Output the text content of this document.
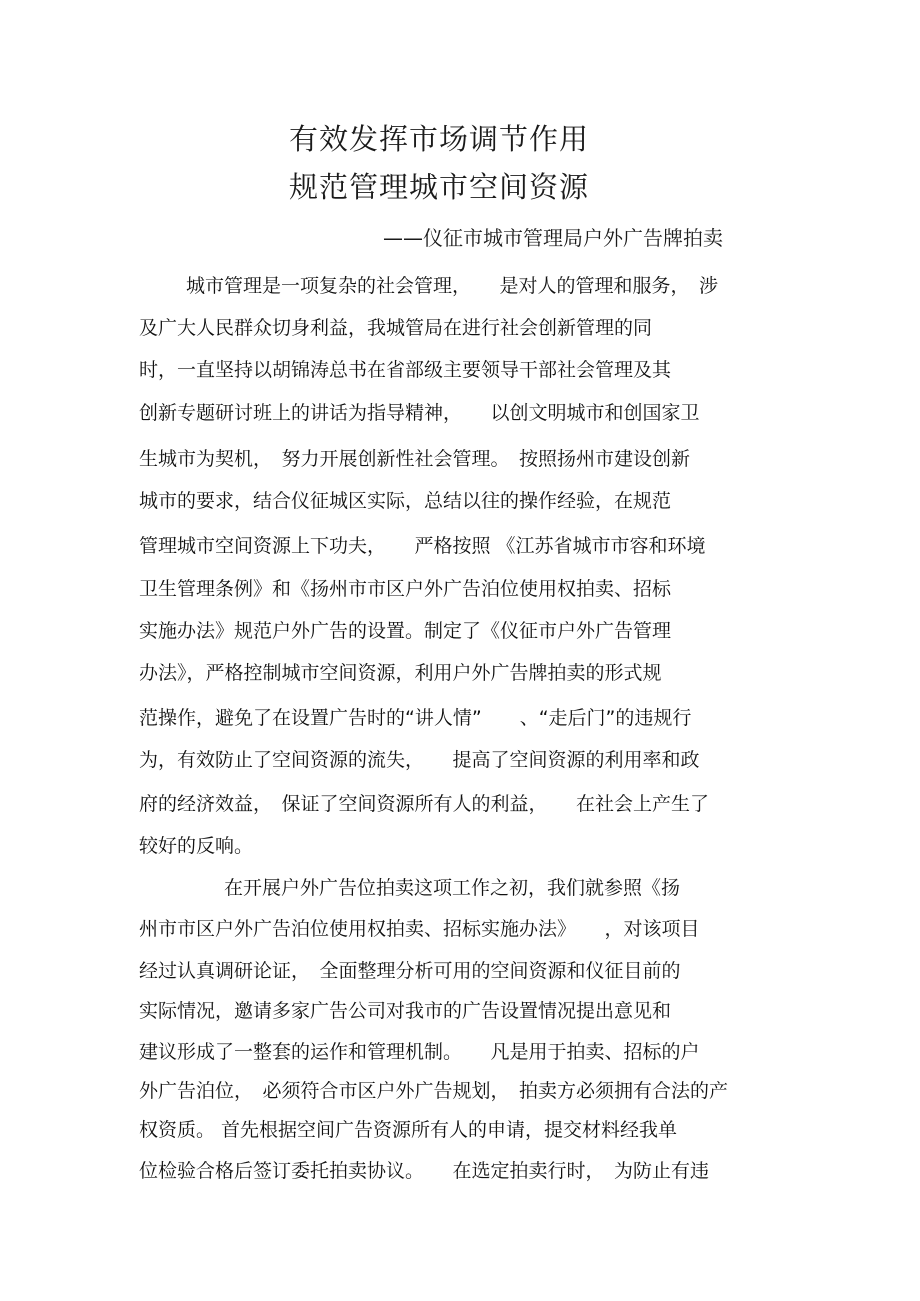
有效发挥市场调节作用
规范管理城市空间资源
——仪征市城市管理局户外广告牌拍卖
城市管理是一项复杂的社会管理，　　是对人的管理和服务，　涉
及广大人民群众切身利益，我城管局在进行社会创新管理的同
时，一直坚持以胡锦涛总书在省部级主要领导干部社会管理及其
创新专题研讨班上的讲话为指导精神，　　以创文明城市和创国家卫
生城市为契机，　努力开展创新性社会管理。　按照扬州市建设创新
城市的要求，结合仪征城区实际，总结以往的操作经验，在规范
管理城市空间资源上下功夫，　　严格按照 《江苏省城市市容和环境
卫生管理条例》和《扬州市市区户外广告泊位使用权拍卖、招标
实施办法》规范户外广告的设置。制定了《仪征市户外广告管理
办法》，严格控制城市空间资源，利用户外广告牌拍卖的形式规
范操作，避免了在设置广告时的“讲人情”　　、“走后门”的违规行
为，有效防止了空间资源的流失，　　提高了空间资源的利用率和政
府的经济效益，　保证了空间资源所有人的利益，　　在社会上产生了
较好的反响。
在开展户外广告位拍卖这项工作之初，我们就参照《扬
州市市区户外广告泊位使用权拍卖、招标实施办法》　　，对该项目
经过认真调研论证，　全面整理分析可用的空间资源和仪征目前的
实际情况，邀请多家广告公司对我市的广告设置情况提出意见和
建议形成了一整套的运作和管理机制。　　凡是用于拍卖、招标的户
外广告泊位，　必须符合市区户外广告规划，　拍卖方必须拥有合法的产
权资质。 首先根据空间广告资源所有人的申请，提交材料经我单
位检验合格后签订委托拍卖协议。　　在选定拍卖行时，　为防止有违
